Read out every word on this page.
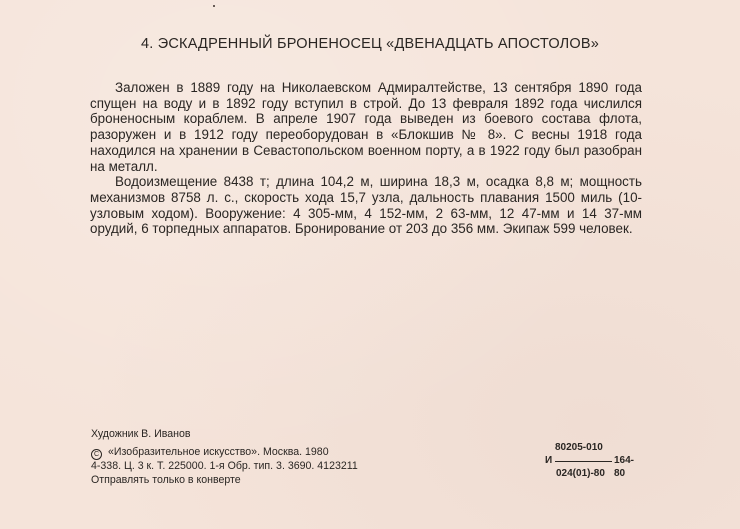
4. ЭСКАДРЕННЫЙ БРОНЕНОСЕЦ «ДВЕНАДЦАТЬ АПОСТОЛОВ»

Заложен в 1889 году на Николаевском Адмиралтействе, 13 сентября 1890 года спущен на воду и в 1892 году вступил в строй. До 13 февраля 1892 года числился броненосным кораблем. В апреле 1907 года выведен из боевого состава флота, разоружен и в 1912 году переоборудован в «Блокшив № 8». С весны 1918 года находился на хранении в Севастопольском военном порту, а в 1922 году был разобран на металл.

Водоизмещение 8438 т; длина 104,2 м, ширина 18,3 м, осадка 8,8 м; мощность механизмов 8758 л. с., скорость хода 15,7 узла, дальность плавания 1500 миль (10-узловым ходом). Вооружение: 4 305-мм, 4 152-мм, 2 63-мм, 12 47-мм и 14 37-мм орудий, 6 торпедных аппаратов. Бронирование от 203 до 356 мм. Экипаж 599 человек.

Художник В. Иванов
C «Изобразительное искусство». Москва. 1980
4-338. Ц. 3 к. Т. 225000. 1-я Обр. тип. 3. 3690. 4123211
Отправлять только в конверте
80205-010
И	164-80
024(01)-80
